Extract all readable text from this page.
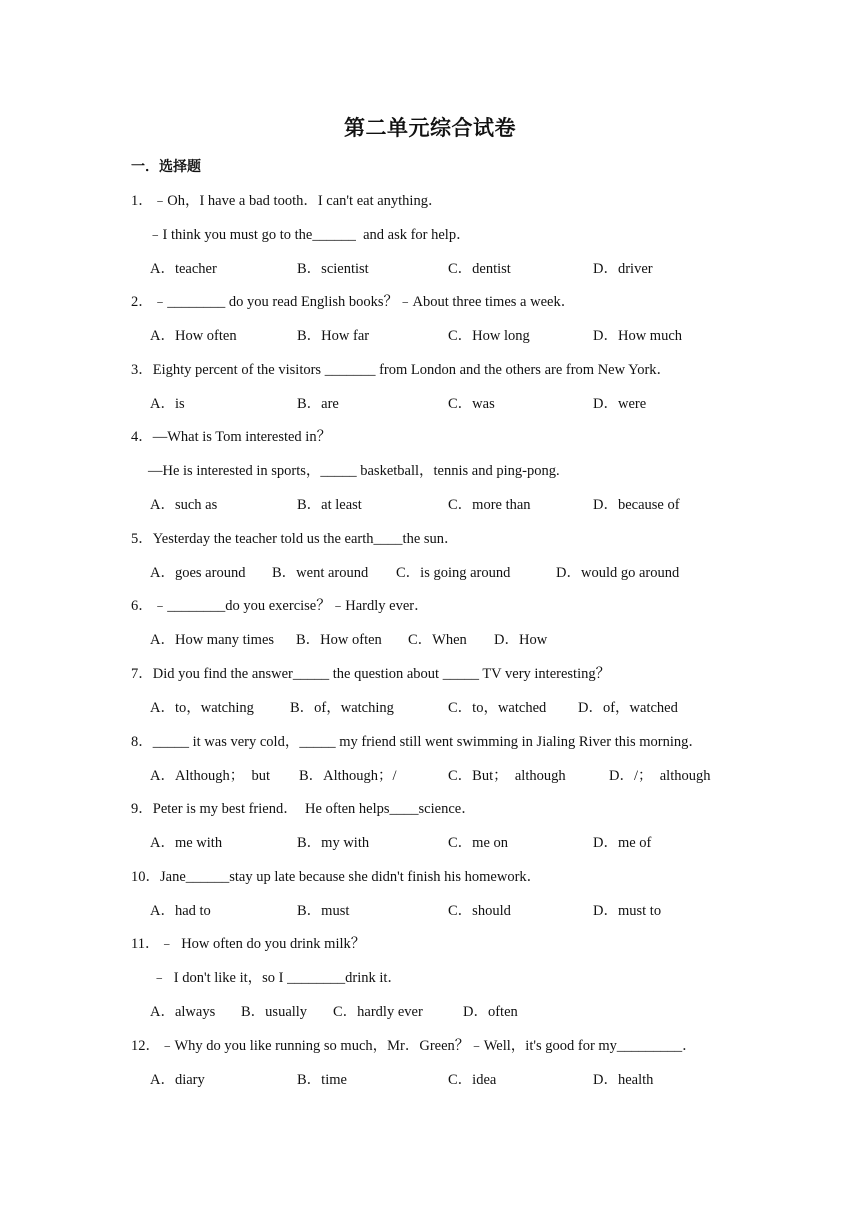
第二单元综合试卷
一．选择题
1．﹣Oh，I have a bad tooth．I can't eat anything．
﹣I think you must go to the______  and ask for help．
A．teacher	B．scientist	C．dentist	D．driver
2．﹣________ do you read English books？﹣About three times a week．
A．How often	B．How far	C．How long	D．How much
3．Eighty percent of the visitors _______ from London and the others are from New York．
A．is	B．are	C．was	D．were
4．—What is Tom interested in？
—He is interested in sports，_____ basketball，tennis and ping-pong.
A．such as	B．at least	C．more than	D．because of
5．Yesterday the teacher told us the earth____the sun．
A．goes around B．went around C．is going around	D．would go around
6．﹣________do you exercise？﹣Hardly ever．
A．How many times B．How often C．When D．How
7．Did you find the answer_____ the question about _____ TV very interesting？
A．to，watching B．of，watching	C．to，watched D．of，watched
8．_____ it was very cold，_____ my friend still went swimming in Jialing River this morning．
A．Although；  but B．Although；/	C．But；  although	D．/；  although
9．Peter is my best friend．  He often helps____science．
A．me with	B．my with	C．me on	D．me of
10．Jane______stay up late because she didn't finish his homework．
A．had to	B．must	C．should	D．must to
11．﹣  How often do you drink milk？
﹣  I don't like it，so I ________drink it．
A．always B．usually C．hardly ever	D．often
12．﹣Why do you like running so much，Mr．Green？﹣Well，it's good for my_________．
A．diary	B．time	C．idea	D．health
